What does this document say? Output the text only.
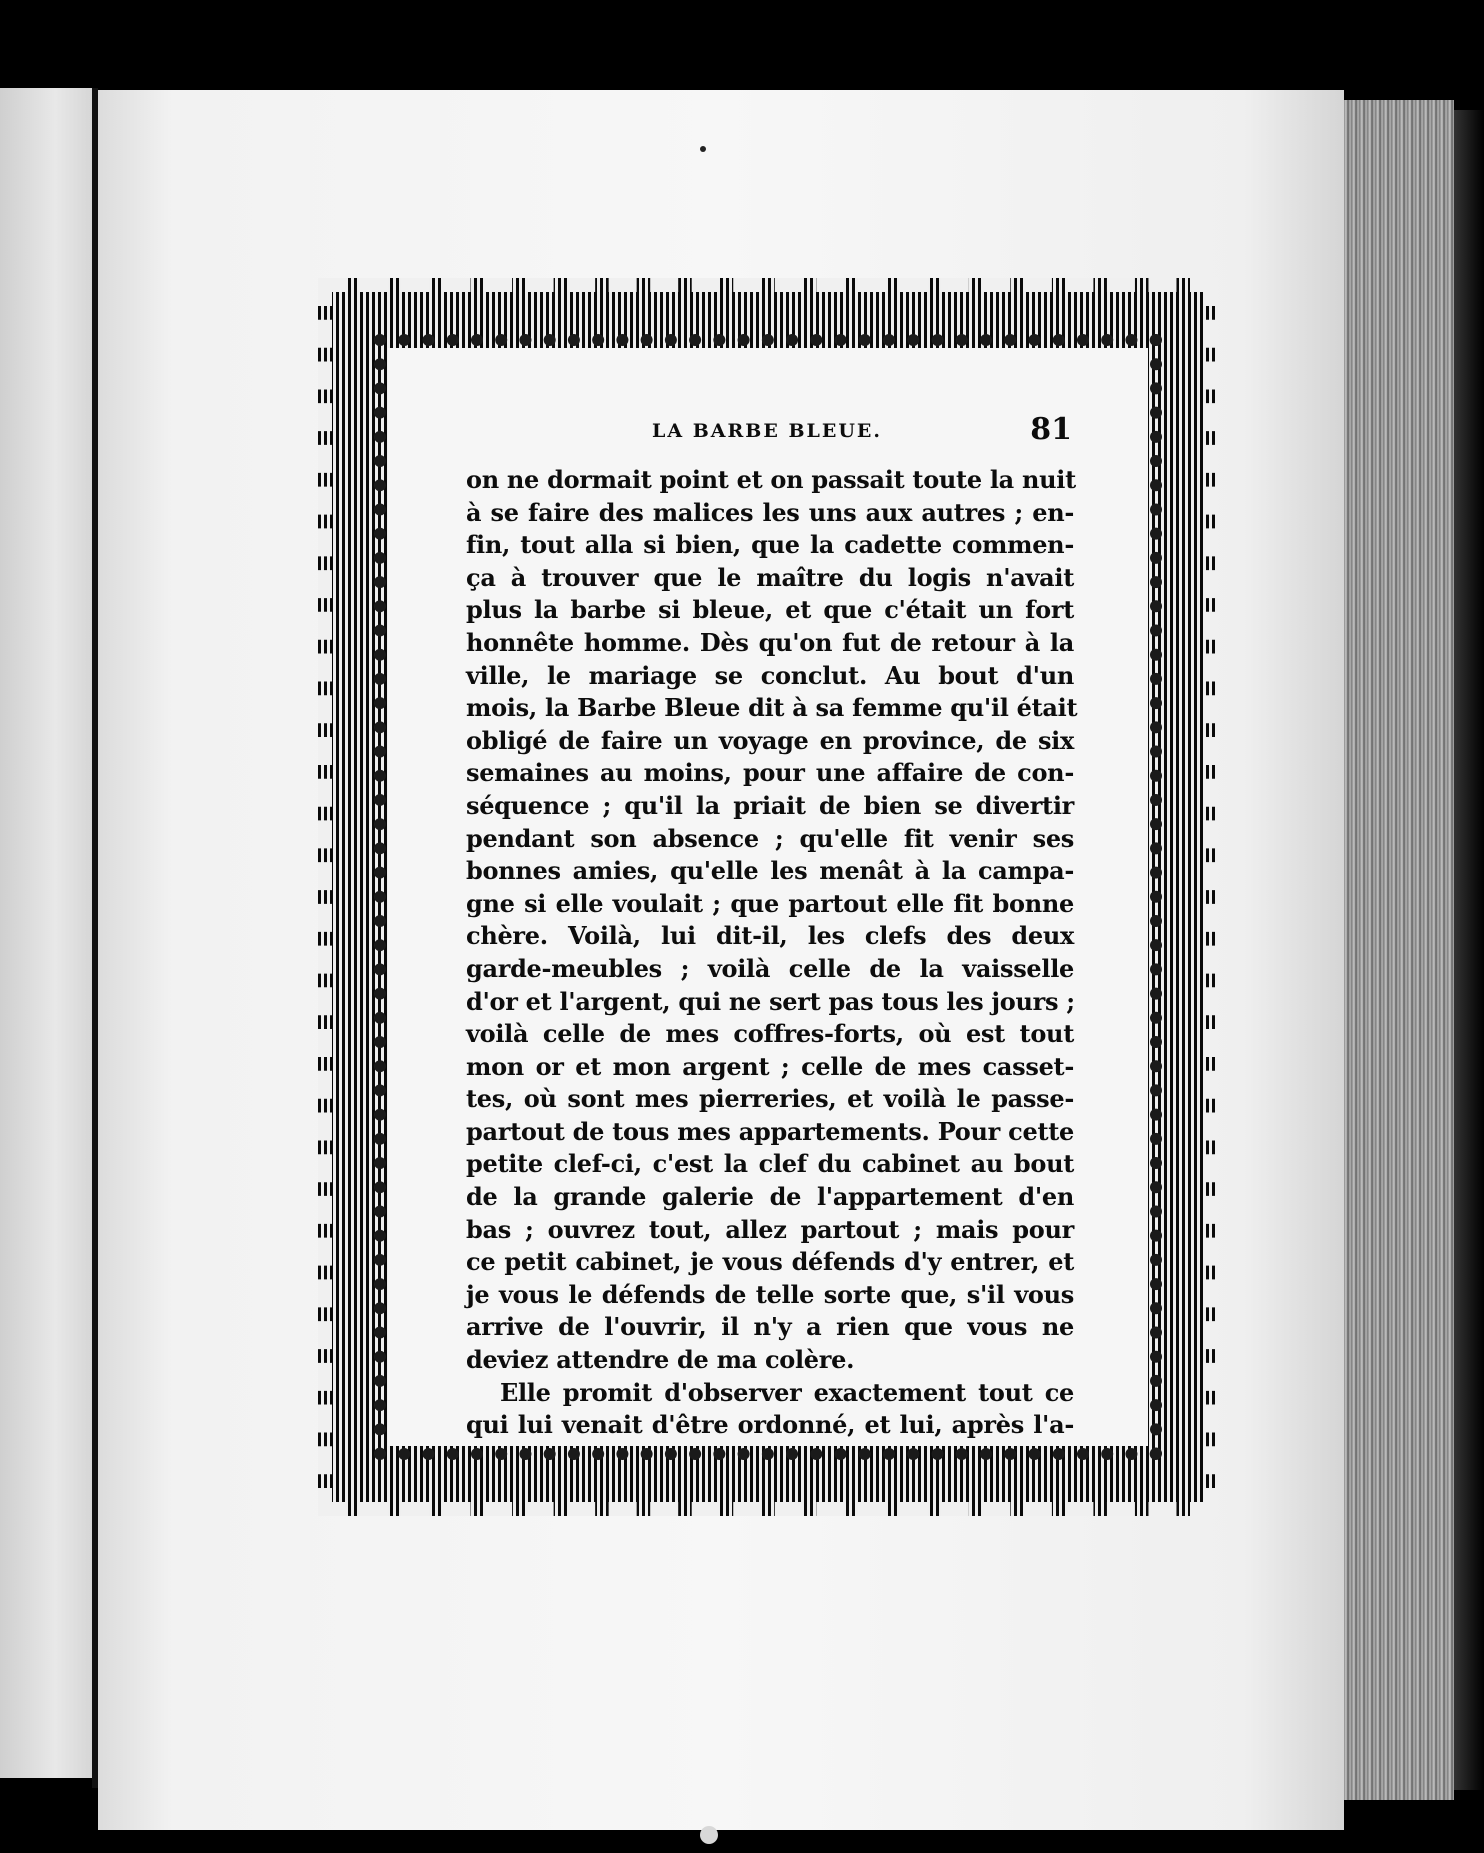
LA BARBE BLEUE.	81
on ne dormait point et on passait toute la nuit
à se faire des malices les uns aux autres ; en-
fin, tout alla si bien, que la cadette commen-
ça à trouver que le maître du logis n'avait
plus la barbe si bleue, et que c'était un fort
honnête homme. Dès qu'on fut de retour à la
ville, le mariage se conclut. Au bout d'un
mois, la Barbe Bleue dit à sa femme qu'il était
obligé de faire un voyage en province, de six
semaines au moins, pour une affaire de con-
séquence ; qu'il la priait de bien se divertir
pendant son absence ; qu'elle fit venir ses
bonnes amies, qu'elle les menât à la campa-
gne si elle voulait ; que partout elle fit bonne
chère. Voilà, lui dit-il, les clefs des deux
garde-meubles ; voilà celle de la vaisselle
d'or et l'argent, qui ne sert pas tous les jours ;
voilà celle de mes coffres-forts, où est tout
mon or et mon argent ; celle de mes casset-
tes, où sont mes pierreries, et voilà le passe-
partout de tous mes appartements. Pour cette
petite clef-ci, c'est la clef du cabinet au bout
de la grande galerie de l'appartement d'en
bas ; ouvrez tout, allez partout ; mais pour
ce petit cabinet, je vous défends d'y entrer, et
je vous le défends de telle sorte que, s'il vous
arrive de l'ouvrir, il n'y a rien que vous ne
deviez attendre de ma colère.
Elle promit d'observer exactement tout ce
qui lui venait d'être ordonné, et lui, après l'a-
